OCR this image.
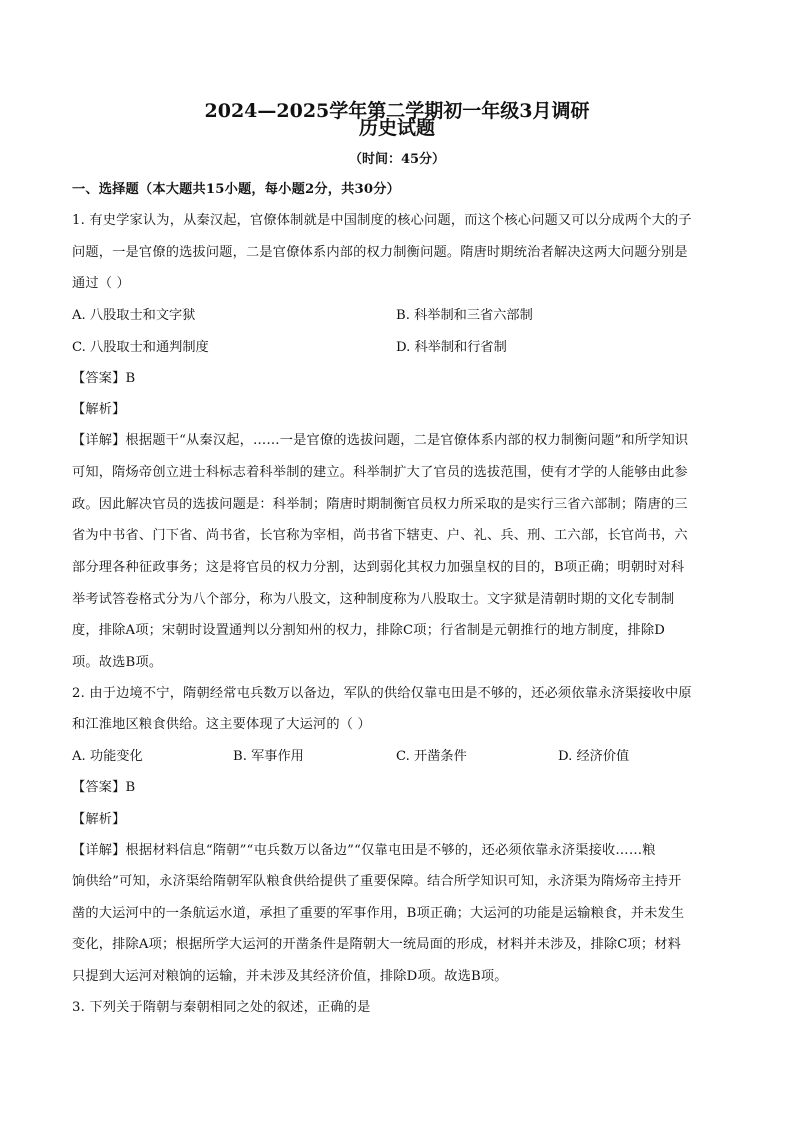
2024—2025学年第二学期初一年级3月调研
历史试题
（时间：45分）
一、选择题（本大题共15小题，每小题2分，共30分）
1. 有史学家认为，从秦汉起，官僚体制就是中国制度的核心问题，而这个核心问题又可以分成两个大的子
问题，一是官僚的选拔问题，二是官僚体系内部的权力制衡问题。隋唐时期统治者解决这两大问题分别是
通过（ ）
A. 八股取士和文字狱	B. 科举制和三省六部制
C. 八股取士和通判制度	D. 科举制和行省制
【答案】B
【解析】
【详解】根据题干“从秦汉起，……一是官僚的选拔问题，二是官僚体系内部的权力制衡问题”和所学知识
可知，隋炀帝创立进士科标志着科举制的建立。科举制扩大了官员的选拔范围，使有才学的人能够由此参
政。因此解决官员的选拔问题是：科举制；隋唐时期制衡官员权力所采取的是实行三省六部制；隋唐的三
省为中书省、门下省、尚书省，长官称为宰相，尚书省下辖吏、户、礼、兵、刑、工六部，长官尚书，六
部分理各种征政事务；这是将官员的权力分割，达到弱化其权力加强皇权的目的，B项正确；明朝时对科
举考试答卷格式分为八个部分，称为八股文，这种制度称为八股取士。文字狱是清朝时期的文化专制制
度，排除A项；宋朝时设置通判以分割知州的权力，排除C项；行省制是元朝推行的地方制度，排除D
项。故选B项。
2. 由于边境不宁，隋朝经常屯兵数万以备边，军队的供给仅靠屯田是不够的，还必须依靠永济渠接收中原
和江淮地区粮食供给。这主要体现了大运河的（ ）
A. 功能变化	B. 军事作用	C. 开凿条件	D. 经济价值
【答案】B
【解析】
【详解】根据材料信息“隋朝”“屯兵数万以备边”“仅靠屯田是不够的，还必须依靠永济渠接收……粮
饷供给”可知，永济渠给隋朝军队粮食供给提供了重要保障。结合所学知识可知，永济渠为隋炀帝主持开
凿的大运河中的一条航运水道，承担了重要的军事作用，B项正确；大运河的功能是运输粮食，并未发生
变化，排除A项；根据所学大运河的开凿条件是隋朝大一统局面的形成，材料并未涉及，排除C项；材料
只提到大运河对粮饷的运输，并未涉及其经济价值，排除D项。故选B项。
3. 下列关于隋朝与秦朝相同之处的叙述，正确的是
